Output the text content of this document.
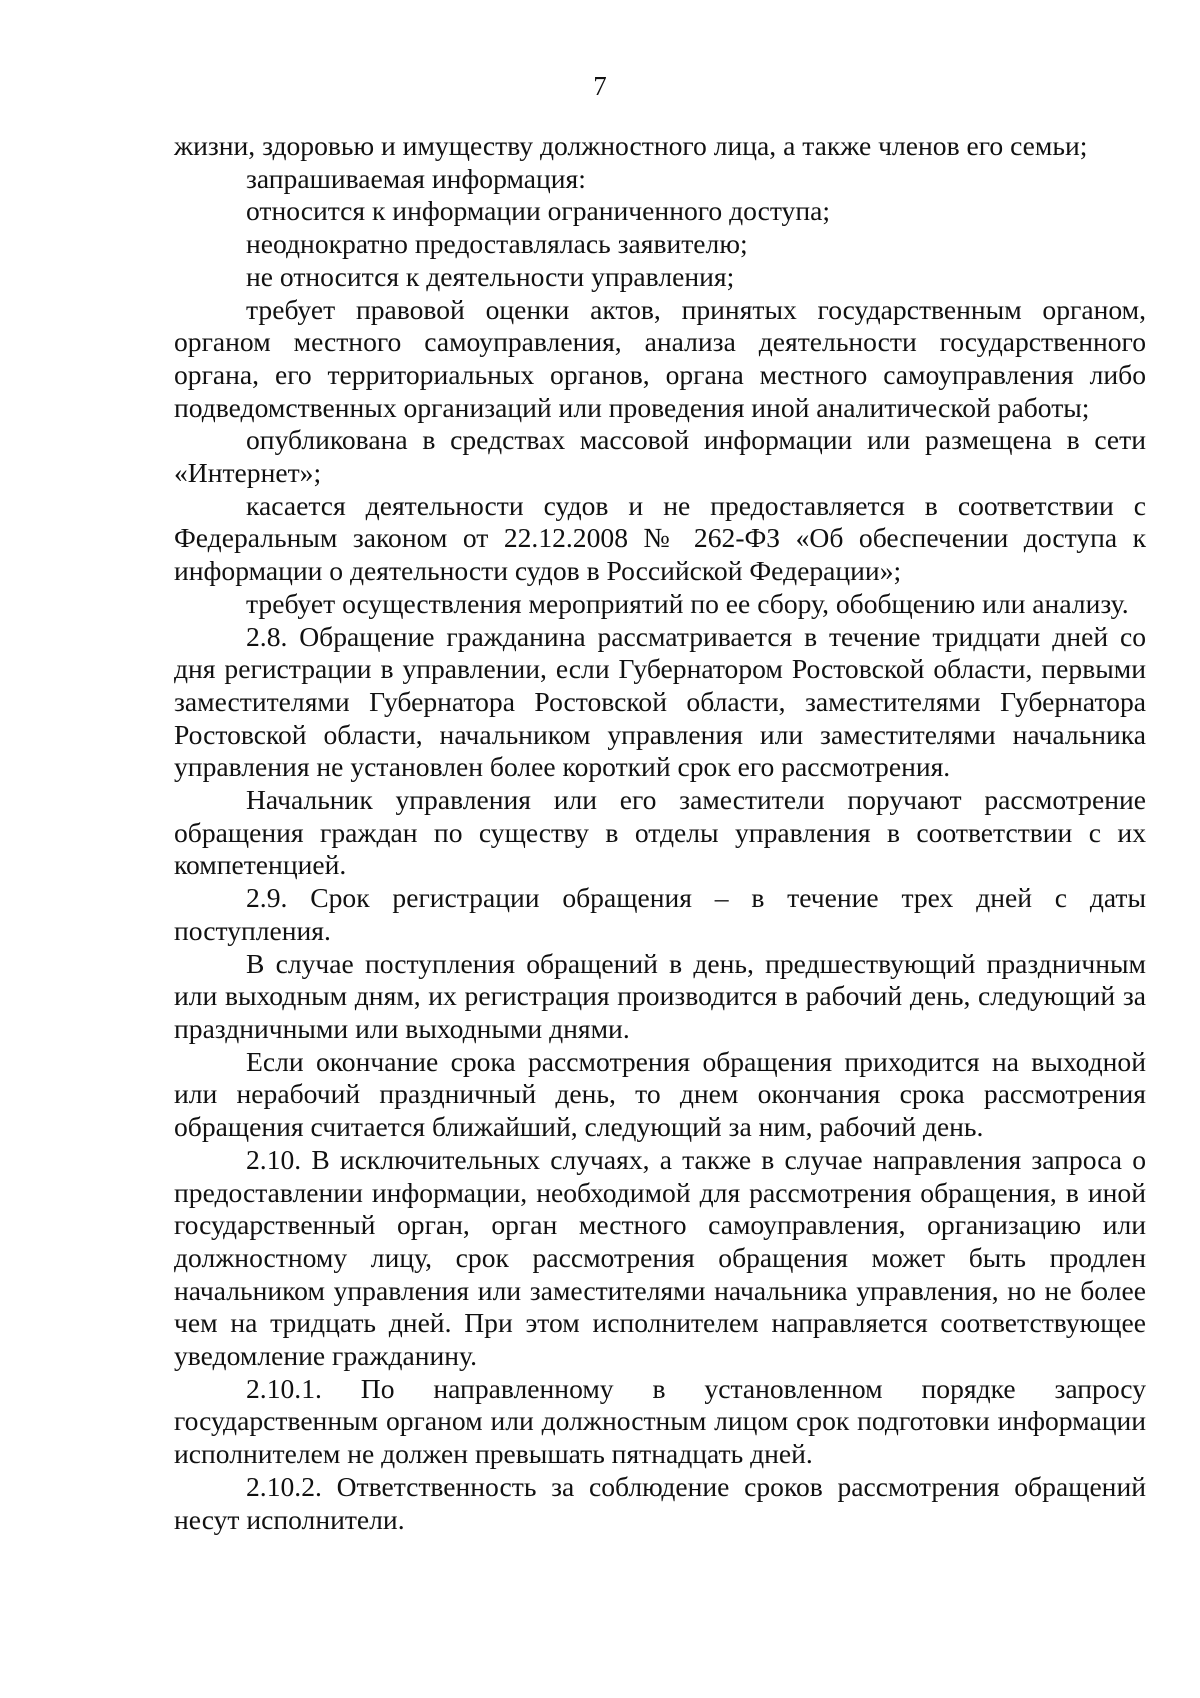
7

жизни, здоровью и имуществу должностного лица, а также членов его семьи;

запрашиваемая информация:

относится к информации ограниченного доступа;

неоднократно предоставлялась заявителю;

не относится к деятельности управления;

требует правовой оценки актов, принятых государственным органом, органом местного самоуправления, анализа деятельности государственного органа, его территориальных органов, органа местного самоуправления либо подведомственных организаций или проведения иной аналитической работы;

опубликована в средствах массовой информации или размещена в сети «Интернет»;

касается деятельности судов и не предоставляется в соответствии с Федеральным законом от 22.12.2008 № 262-ФЗ «Об обеспечении доступа к информации о деятельности судов в Российской Федерации»;

требует осуществления мероприятий по ее сбору, обобщению или анализу.

2.8. Обращение гражданина рассматривается в течение тридцати дней со дня регистрации в управлении, если Губернатором Ростовской области, первыми заместителями Губернатора Ростовской области, заместителями Губернатора Ростовской области, начальником управления или заместителями начальника управления не установлен более короткий срок его рассмотрения.

Начальник управления или его заместители поручают рассмотрение обращения граждан по существу в отделы управления в соответствии с их компетенцией.

2.9. Срок регистрации обращения – в течение трех дней с даты поступления.

В случае поступления обращений в день, предшествующий праздничным или выходным дням, их регистрация производится в рабочий день, следующий за праздничными или выходными днями.

Если окончание срока рассмотрения обращения приходится на выходной или нерабочий праздничный день, то днем окончания срока рассмотрения обращения считается ближайший, следующий за ним, рабочий день.

2.10. В исключительных случаях, а также в случае направления запроса о предоставлении информации, необходимой для рассмотрения обращения, в иной государственный орган, орган местного самоуправления, организацию или должностному лицу, срок рассмотрения обращения может быть продлен начальником управления или заместителями начальника управления, но не более чем на тридцать дней. При этом исполнителем направляется соответствующее уведомление гражданину.

2.10.1. По направленному в установленном порядке запросу государственным органом или должностным лицом срок подготовки информации исполнителем не должен превышать пятнадцать дней.

2.10.2. Ответственность за соблюдение сроков рассмотрения обращений несут исполнители.
